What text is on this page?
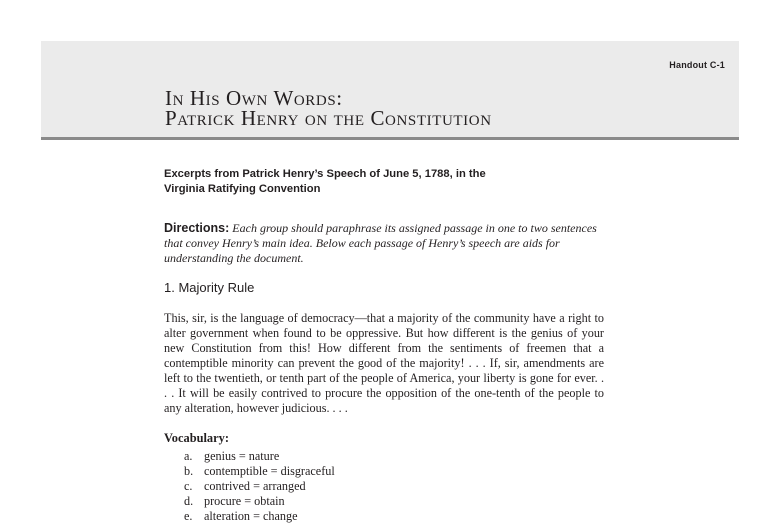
Handout C-1
In His Own Words:
Patrick Henry on the Constitution

Excerpts from Patrick Henry’s Speech of June 5, 1788, in the Virginia Ratifying Convention

Directions: Each group should paraphrase its assigned passage in one to two sentences that convey Henry’s main idea. Below each passage of Henry’s speech are aids for understanding the document.
1. Majority Rule
This, sir, is the language of democracy—that a majority of the community have a right to alter government when found to be oppressive. But how different is the genius of your new Constitution from this! How different from the sentiments of freemen that a contemptible minority can prevent the good of the majority! . . . If, sir, amendments are left to the twentieth, or tenth part of the people of America, your liberty is gone for ever. . . . It will be easily contrived to procure the opposition of the one-tenth of the people to any alteration, however judicious. . . .
Vocabulary:
a. genius = nature
b. contemptible = disgraceful
c. contrived = arranged
d. procure = obtain
e. alteration = change
